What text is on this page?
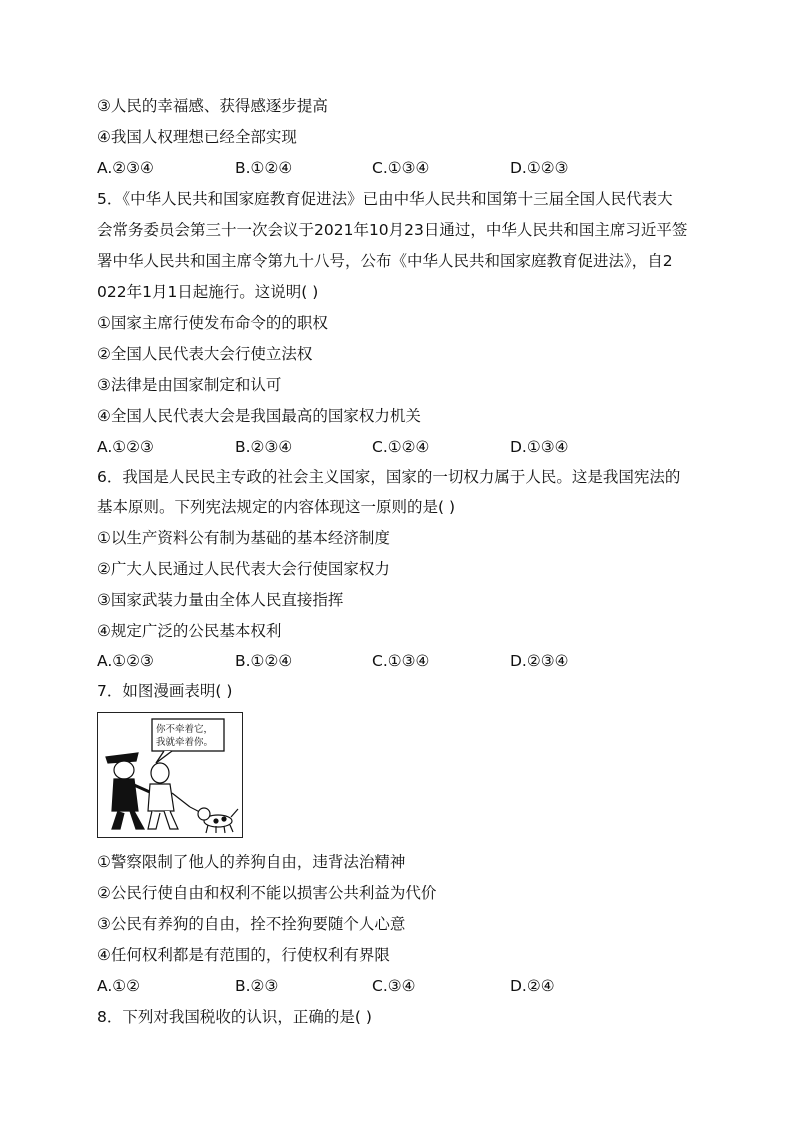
③人民的幸福感、获得感逐步提高
④我国人权理想已经全部实现
A.②③④	B.①②④	C.①③④	D.①②③
5．《中华人民共和国家庭教育促进法》已由中华人民共和国第十三届全国人民代表大
会常务委员会第三十一次会议于2021年10月23日通过，中华人民共和国主席习近平签
署中华人民共和国主席令第九十八号，公布《中华人民共和国家庭教育促进法》，自2
022年1月1日起施行。这说明( )
①国家主席行使发布命令的的职权
②全国人民代表大会行使立法权
③法律是由国家制定和认可
④全国人民代表大会是我国最高的国家权力机关
A.①②③	B.②③④	C.①②④	D.①③④
6．我国是人民民主专政的社会主义国家，国家的一切权力属于人民。这是我国宪法的
基本原则。下列宪法规定的内容体现这一原则的是( )
①以生产资料公有制为基础的基本经济制度
②广大人民通过人民代表大会行使国家权力
③国家武装力量由全体人民直接指挥
④规定广泛的公民基本权利
A.①②③	B.①②④	C.①③④	D.②③④
7．如图漫画表明( )
你不牵着它，
我就牵着你。
①警察限制了他人的养狗自由，违背法治精神
②公民行使自由和权利不能以损害公共利益为代价
③公民有养狗的自由，拴不拴狗要随个人心意
④任何权利都是有范围的，行使权利有界限
A.①②	B.②③	C.③④	D.②④
8．下列对我国税收的认识，正确的是( )
